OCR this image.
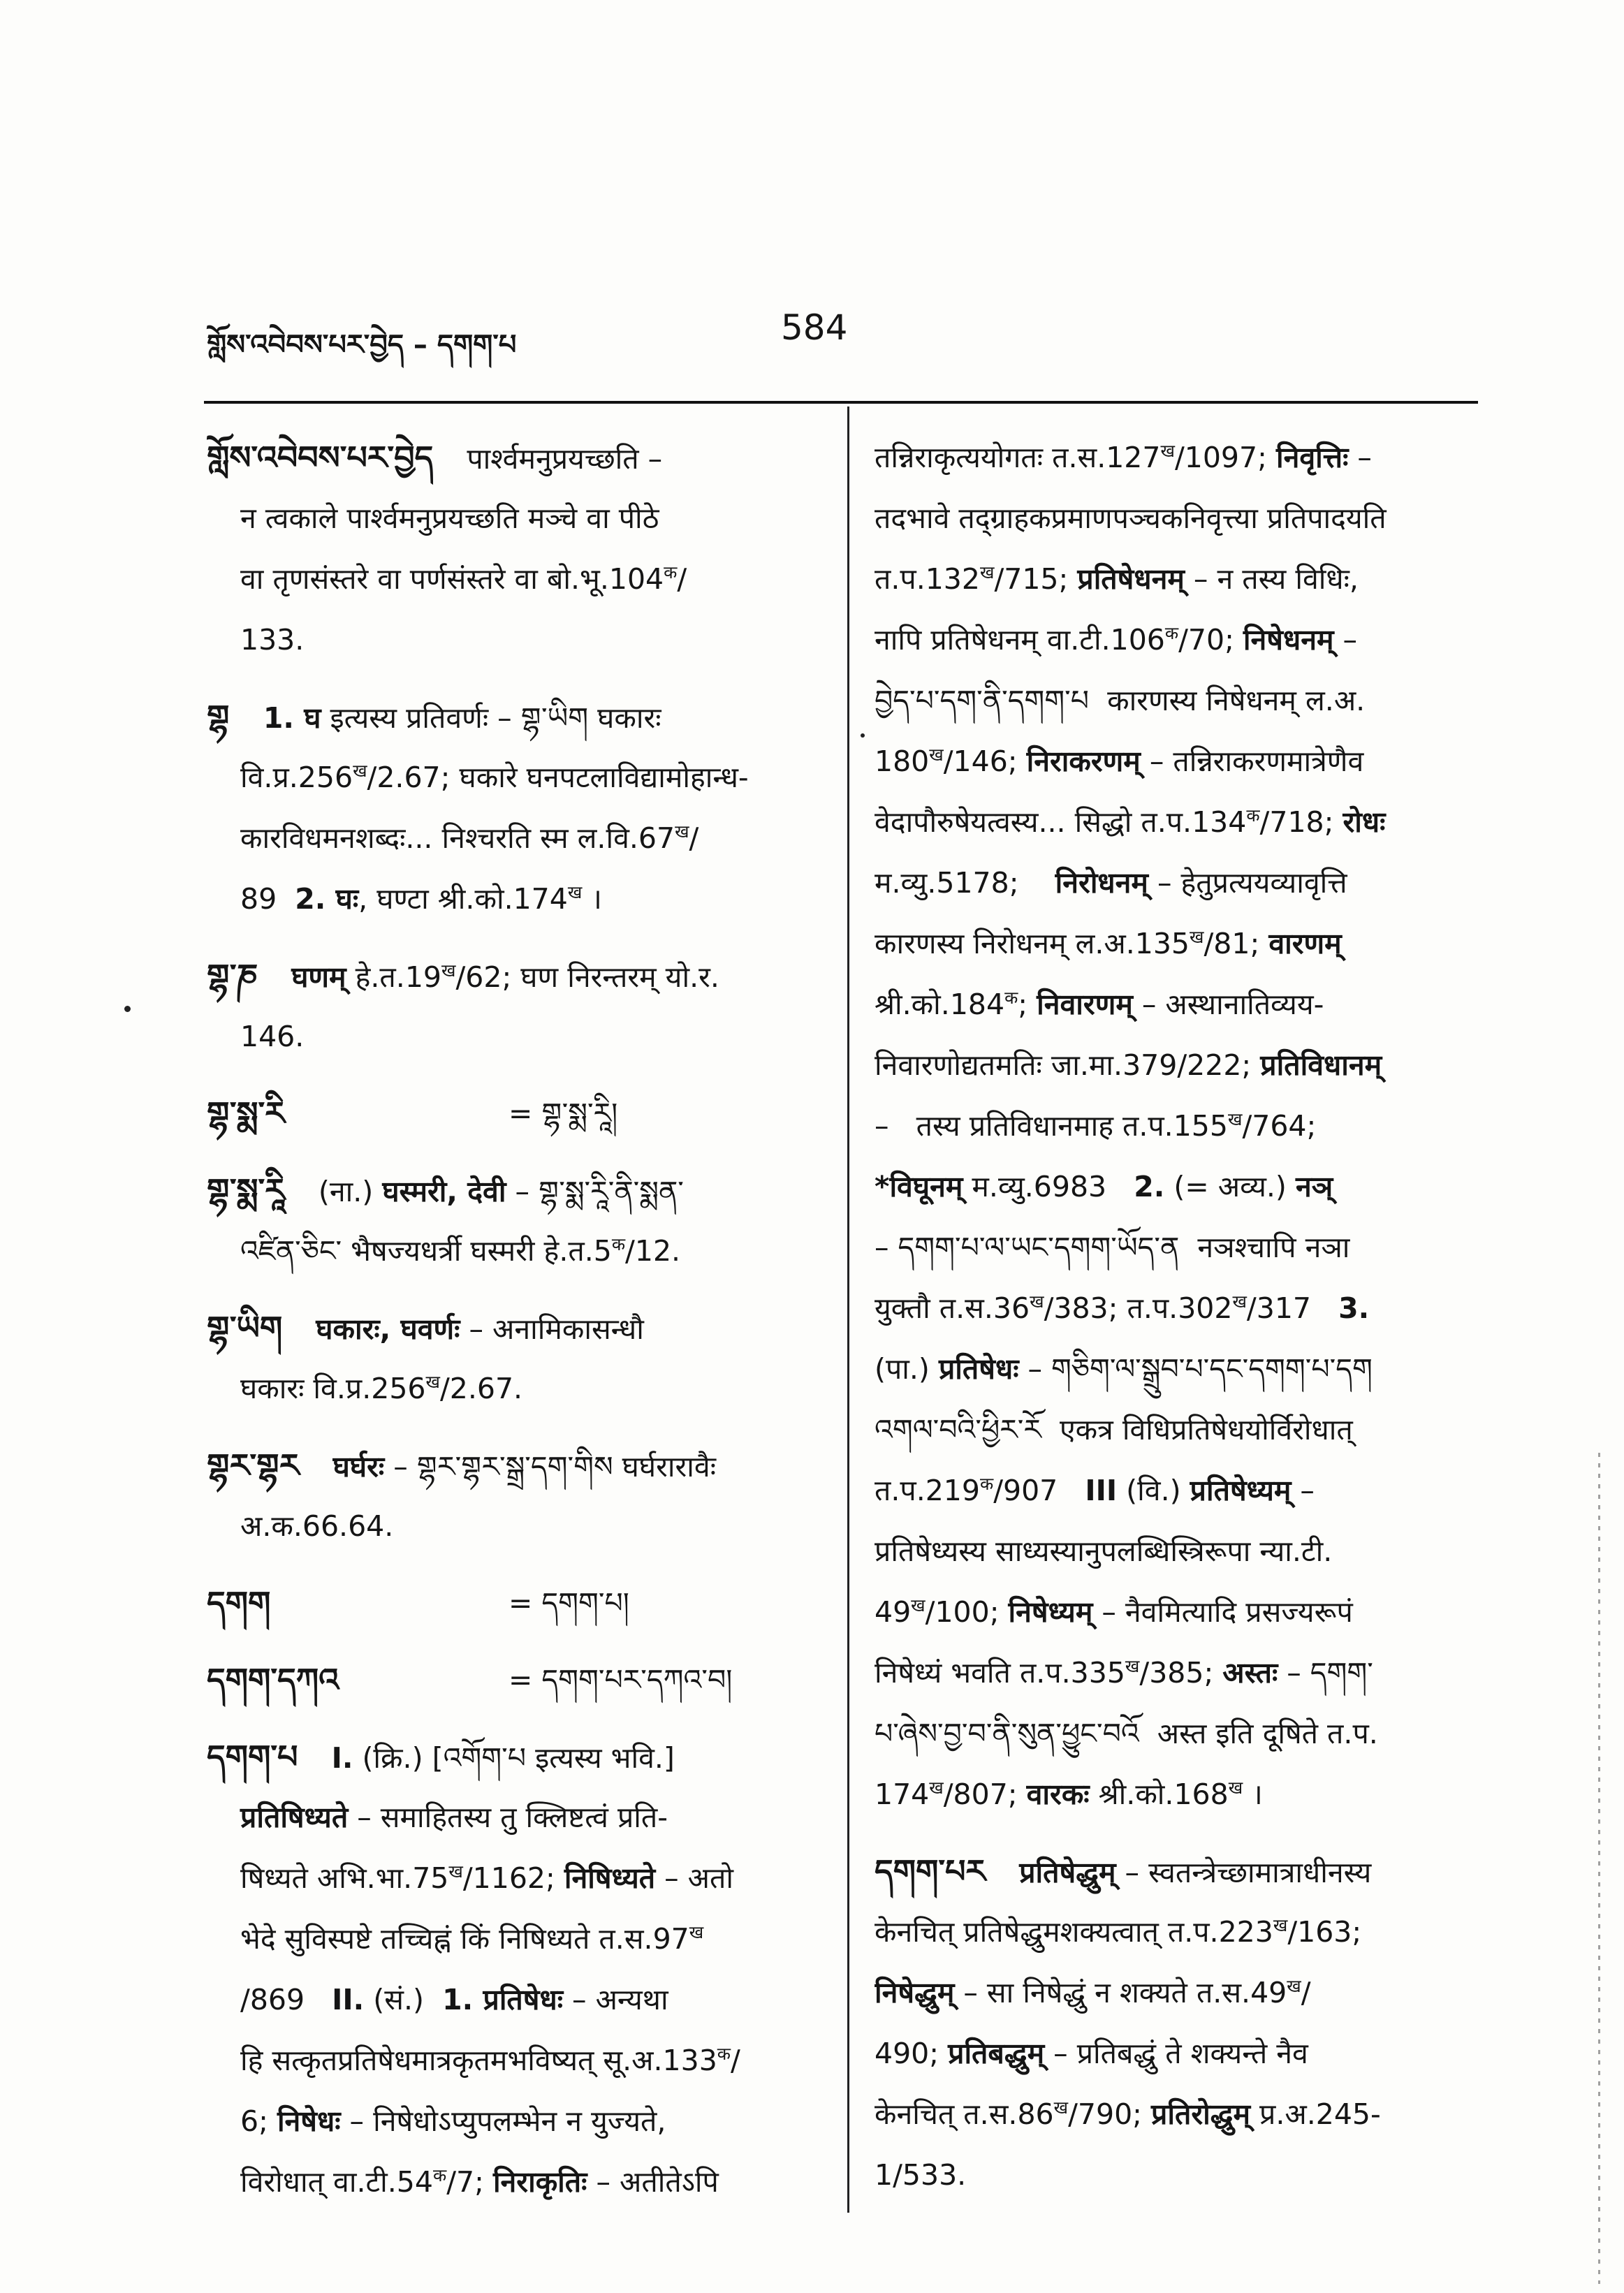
གློས་འབེབས་པར་བྱེད – དགག་པ	584
གློས་འབེབས་པར་བྱེད पार्श्वमनुप्रयच्छति –
न त्वकाले पार्श्वमनुप्रयच्छति मञ्चे वा पीठे
वा तृणसंस्तरे वा पर्णसंस्तरे वा $बो.भू.104^क/$
133.
གྷ 1. घ इत्यस्य प्रतिवर्णः – གྷ་ཡིག घकारः
$वि.प्र.256^ख/2.67$; घकारे घनपटलाविद्यामोहान्ध-
कारविधमनशब्दः... निश्चरति स्म $ल.वि.67^ख/$
89  2. घः, घण्टा $श्री.को.174^ख$ ।
གྷ་ཎ घणम् $हे.त.19^ख/62$; घण निरन्तरम् यो.र.
146.
གྷ་སྨ་རི	= གྷ་སྨ་རཱི།
གྷ་སྨ་རཱི (ना.) घस्मरी, देवी – གྷ་སྨ་རཱི་ནི་སྨན་
འཛིན་ཅིང་ भैषज्यधर्त्री घस्मरी $हे.त.5^क/12$.
གྷ་ཡིག घकारः, घवर्णः – अनामिकासन्धौ
घकारः $वि.प्र.256^ख/2.67$.
གྷར་གྷར घर्घरः – གྷར་གྷར་སྒྲ་དག་གིས घर्घरारावैः
अ.क.66.64.
དགག	= དགག་པ།
དགག་དཀའ	= དགག་པར་དཀའ་བ།
དགག་པ I. (क्रि.) [འགོག་པ इत्यस्य भवि.]
प्रतिषिध्यते – समाहितस्य तु क्लिष्टत्वं प्रति-
षिध्यते $अभि.भा.75^ख/1162$; निषिध्यते – अतो
भेदे सुविस्पष्टे तच्चिह्नं किं निषिध्यते $त.स.97^ख$
/869   II. (सं.)  1. प्रतिषेधः – अन्यथा
हि सत्कृतप्रतिषेधमात्रकृतमभविष्यत् $सू.अ.133^क/$
6; निषेधः – निषेधोऽप्युपलम्भेन न युज्यते,
विरोधात् $वा.टी.54^क/7$; निराकृतिः – अतीतेऽपि
तन्निराकृत्ययोगतः $त.स.127^ख/1097$; निवृत्तिः –
तदभावे तद्ग्राहकप्रमाणपञ्चकनिवृत्त्या प्रतिपादयति
$त.प.132^ख/715$; प्रतिषेधनम् – न तस्य विधिः,
नापि प्रतिषेधनम् $वा.टी.106^क/70$; निषेधनम् –
བྱེད་པ་དག་ནི་དགག་པ  कारणस्य निषेधनम् ल.अ.
$180^ख/146$; निराकरणम् – तन्निराकरणमात्रेणैव
वेदापौरुषेयत्वस्य... सिद्धो $त.प.134^क/718$; रोधः
म.व्यु.5178;    निरोधनम् – हेतुप्रत्ययव्यावृत्ति
कारणस्य निरोधनम् $ल.अ.135^ख/81$; वारणम्
$श्री.को.184^क$; निवारणम् – अस्थानातिव्यय-
निवारणोद्यतमतिः जा.मा.379/222; प्रतिविधानम्
–   तस्य प्रतिविधानमाह $त.प.155^ख/764$;
*विघूनम् म.व्यु.6983   2. (= अव्य.) नञ्
– དགག་པ་ལ་ཡང་དགག་ཡོད་ན  नञश्चापि नञा
युक्तौ $त.स.36^ख/383$; $त.प.302^ख/317$   3.
(पा.) प्रतिषेधः – གཅིག་ལ་སྒྲུབ་པ་དང་དགག་པ་དག
འགལ་བའི་ཕྱིར་རོ  एकत्र विधिप्रतिषेधयोर्विरोधात्
$त.प.219^क/907$   III (वि.) प्रतिषेध्यम् –
प्रतिषेध्यस्य साध्यस्यानुपलब्धिस्त्रिरूपा न्या.टी.
$49^ख/100$; निषेध्यम् – नैवमित्यादि प्रसज्यरूपं
निषेध्यं भवति $त.प.335^ख/385$; अस्तः – དགག་
པ་ཞེས་བྱ་བ་ནི་སུན་ཕྱུང་བའོ  अस्त इति दूषिते त.प.
$174^ख/807$; वारकः $श्री.को.168^ख$ ।
དགག་པར प्रतिषेद्धुम् – स्वतन्त्रेच्छामात्राधीनस्य
केनचित् प्रतिषेद्धुमशक्यत्वात् $त.प.223^ख/163$;
निषेद्धुम् – सा निषेद्धुं न शक्यते $त.स.49^ख/$
490; प्रतिबद्धुम् – प्रतिबद्धुं ते शक्यन्ते नैव
केनचित् $त.स.86^ख/790$; प्रतिरोद्धुम् प्र.अ.245-
1/533.
